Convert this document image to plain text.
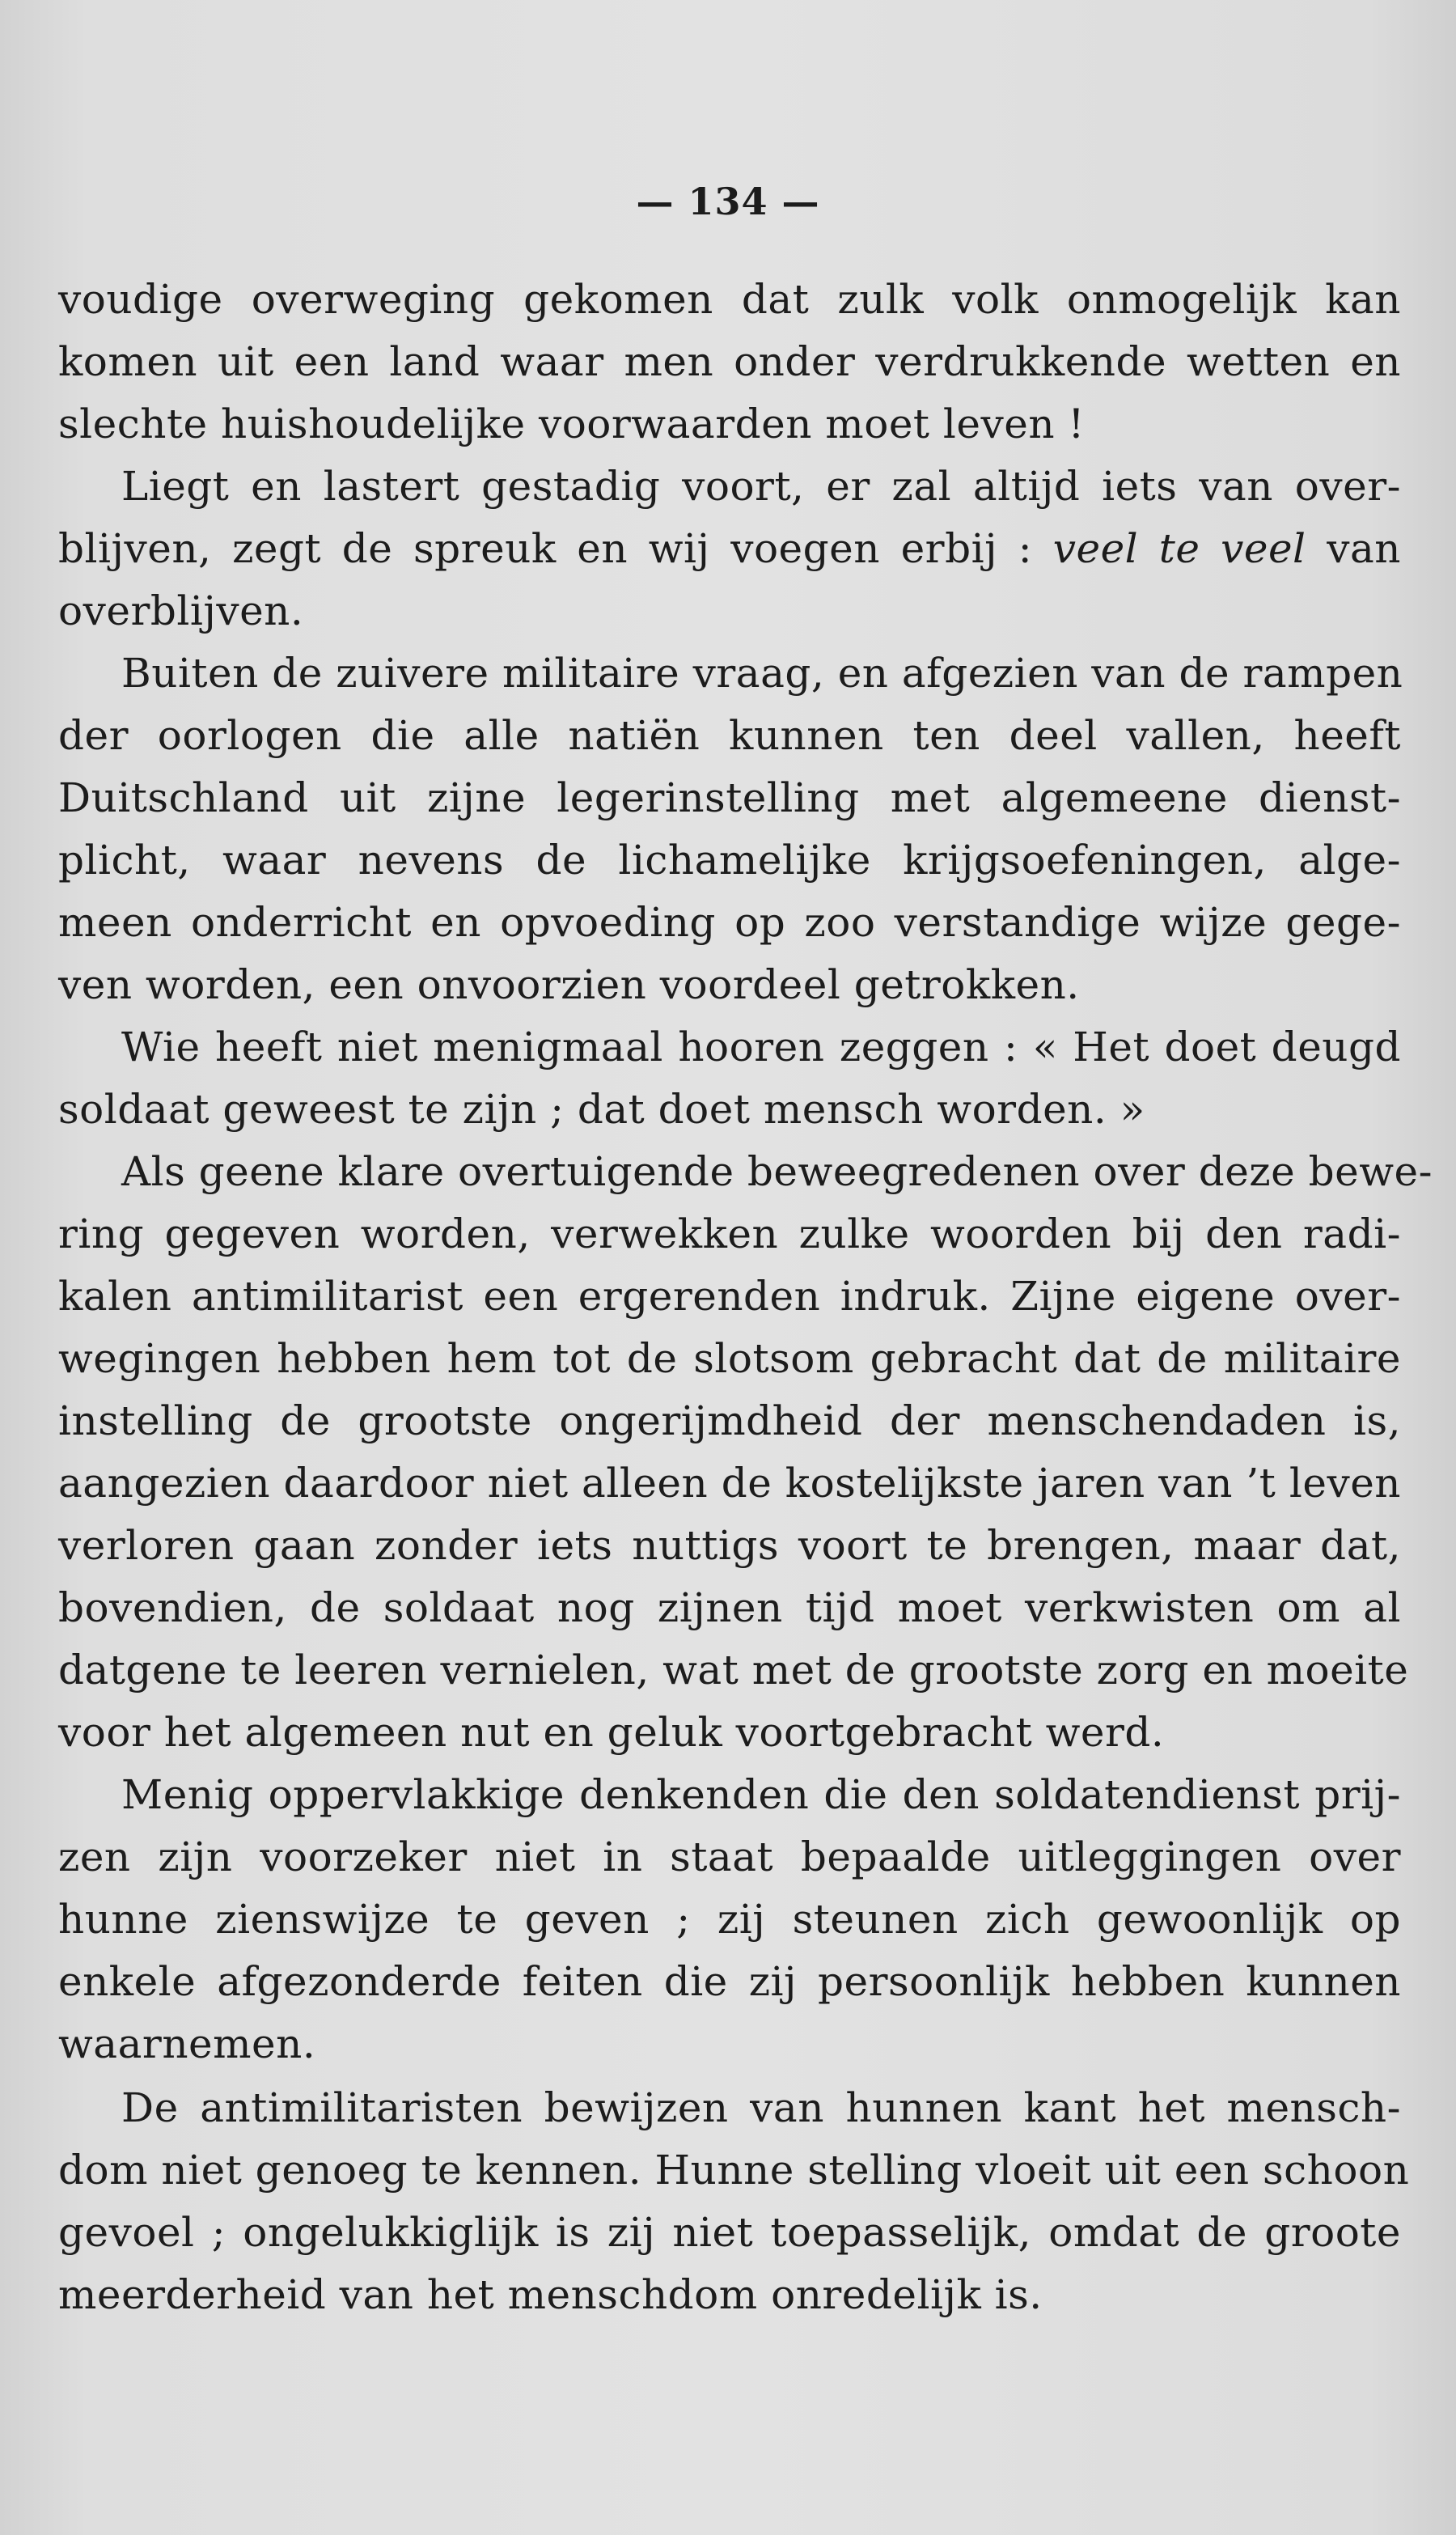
— 134 —
voudige overweging gekomen dat zulk volk onmogelijk kan
komen uit een land waar men onder verdrukkende wetten en
slechte huishoudelijke voorwaarden moet leven !
Liegt en lastert gestadig voort, er zal altijd iets van over-
blijven, zegt de spreuk en wij voegen erbij : veel te veel van
overblijven.
Buiten de zuivere militaire vraag, en afgezien van de rampen
der oorlogen die alle natiën kunnen ten deel vallen, heeft
Duitschland uit zijne legerinstelling met algemeene dienst-
plicht, waar nevens de lichamelijke krijgsoefeningen, alge-
meen onderricht en opvoeding op zoo verstandige wijze gege-
ven worden, een onvoorzien voordeel getrokken.
Wie heeft niet menigmaal hooren zeggen : « Het doet deugd
soldaat geweest te zijn ; dat doet mensch worden. »
Als geene klare overtuigende beweegredenen over deze bewe-
ring gegeven worden, verwekken zulke woorden bij den radi-
kalen antimilitarist een ergerenden indruk. Zijne eigene over-
wegingen hebben hem tot de slotsom gebracht dat de militaire
instelling de grootste ongerijmdheid der menschendaden is,
aangezien daardoor niet alleen de kostelijkste jaren van ’t leven
verloren gaan zonder iets nuttigs voort te brengen, maar dat,
bovendien, de soldaat nog zijnen tijd moet verkwisten om al
datgene te leeren vernielen, wat met de grootste zorg en moeite
voor het algemeen nut en geluk voortgebracht werd.
Menig oppervlakkige denkenden die den soldatendienst prij-
zen zijn voorzeker niet in staat bepaalde uitleggingen over
hunne zienswijze te geven ; zij steunen zich gewoonlijk op
enkele afgezonderde feiten die zij persoonlijk hebben kunnen
waarnemen.
De antimilitaristen bewijzen van hunnen kant het mensch-
dom niet genoeg te kennen. Hunne stelling vloeit uit een schoon
gevoel ; ongelukkiglijk is zij niet toepasselijk, omdat de groote
meerderheid van het menschdom onredelijk is.
